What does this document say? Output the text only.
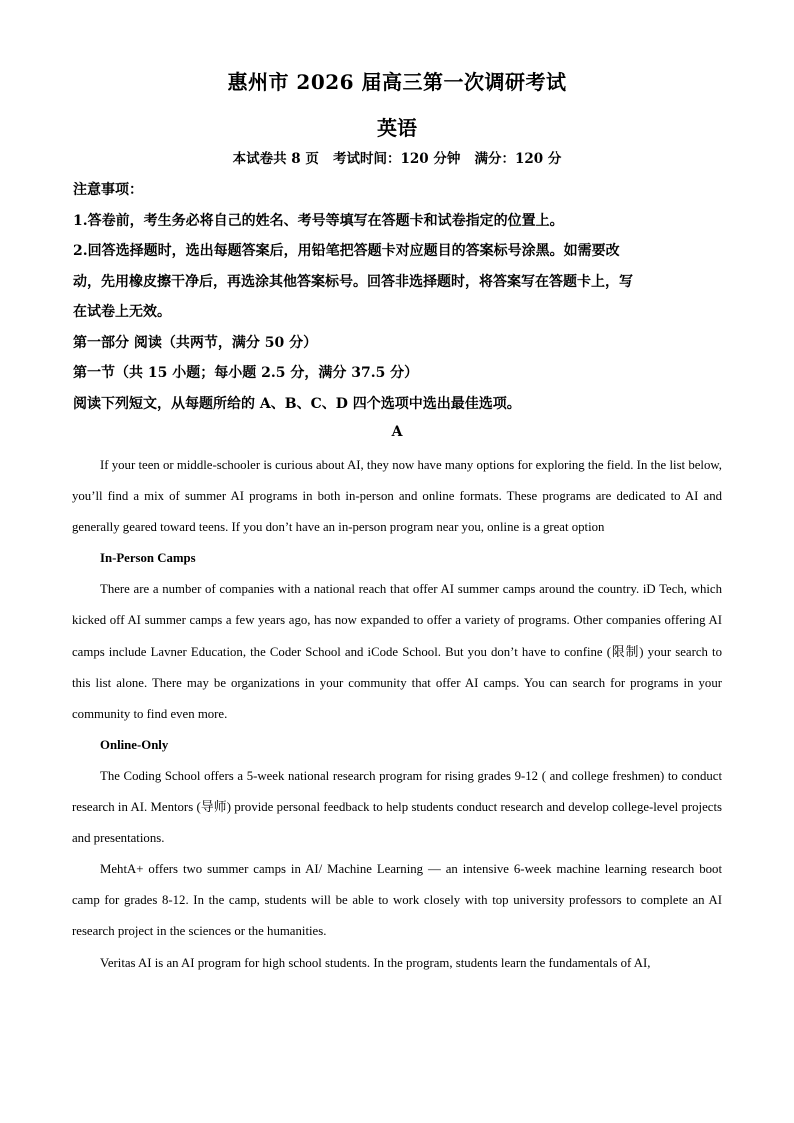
惠州市 2026 届高三第一次调研考试
英语
本试卷共 8 页   考试时间：120 分钟   满分：120 分

注意事项：

1.答卷前，考生务必将自己的姓名、考号等填写在答题卡和试卷指定的位置上。

2.回答选择题时，选出每题答案后，用铅笔把答题卡对应题目的答案标号涂黑。如需要改

动，先用橡皮擦干净后，再选涂其他答案标号。回答非选择题时，将答案写在答题卡上，写

在试卷上无效。

第一部分 阅读（共两节，满分 50 分）

第一节（共 15 小题；每小题 2.5 分，满分 37.5 分）

阅读下列短文，从每题所给的 A、B、C、D 四个选项中选出最佳选项。

A

If your teen or middle-schooler is curious about AI, they now have many options for exploring the field. In the list below, you’ll find a mix of summer AI programs in both in-person and online formats. These programs are dedicated to AI and generally geared toward teens. If you don’t have an in-person program near you, online is a great option

In-Person Camps

There are a number of companies with a national reach that offer AI summer camps around the country. iD Tech, which kicked off AI summer camps a few years ago, has now expanded to offer a variety of programs. Other companies offering AI camps include Lavner Education, the Coder School and iCode School. But you don’t have to confine (限制) your search to this list alone. There may be organizations in your community that offer AI camps. You can search for programs in your community to find even more.

Online-Only

The Coding School offers a 5-week national research program for rising grades 9-12 ( and college freshmen) to conduct research in AI. Mentors (导师) provide personal feedback to help students conduct research and develop college-level projects and presentations.

MehtA+ offers two summer camps in AI/ Machine Learning — an intensive 6-week machine learning research boot camp for grades 8-12. In the camp, students will be able to work closely with top university professors to complete an AI research project in the sciences or the humanities.

Veritas AI is an AI program for high school students. In the program, students learn the fundamentals of AI,
